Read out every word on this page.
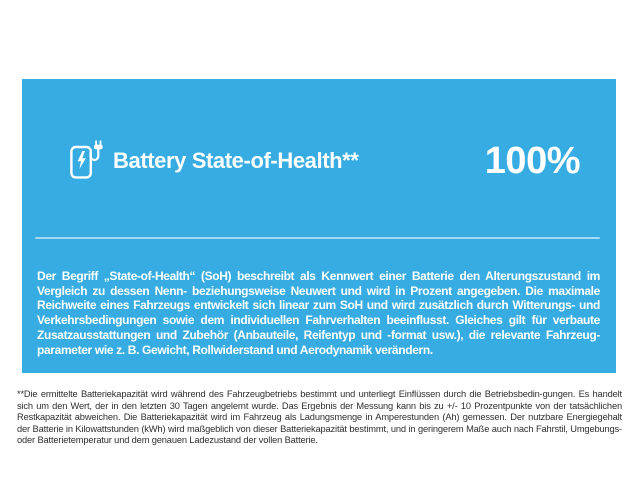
Battery State-of-Health**	100%

Der Begriff „State-of-Health“ (SoH) beschreibt als Kennwert einer Batterie den Alterungszustand im Vergleich zu dessen Nenn- beziehungsweise Neuwert und wird in Prozent angegeben. Die maximale Reichweite eines Fahrzeugs entwickelt sich linear zum SoH und wird zusätzlich durch Witterungs- und Verkehrsbedingungen sowie dem individuellen Fahrverhalten beeinflusst. Gleiches gilt für verbaute Zusatzausstattungen und Zubehör (Anbauteile, Reifentyp und -format usw.), die relevante Fahrzeug-parameter wie z. B. Gewicht, Rollwiderstand und Aerodynamik verändern.

**Die ermittelte Batteriekapazität wird während des Fahrzeugbetriebs bestimmt und unterliegt Einflüssen durch die Betriebsbedin-gungen. Es handelt sich um den Wert, der in den letzten 30 Tagen angelernt wurde. Das Ergebnis der Messung kann bis zu +/- 10 Prozentpunkte von der tatsächlichen Restkapazität abweichen. Die Batteriekapazität wird im Fahrzeug als Ladungsmenge in Amperestunden (Ah) gemessen. Der nutzbare Energiegehalt der Batterie in Kilowattstunden (kWh) wird maßgeblich von dieser Batteriekapazität bestimmt, und in geringerem Maße auch nach Fahrstil, Umgebungs- oder Batterietemperatur und dem genauen Ladezustand der vollen Batterie.
